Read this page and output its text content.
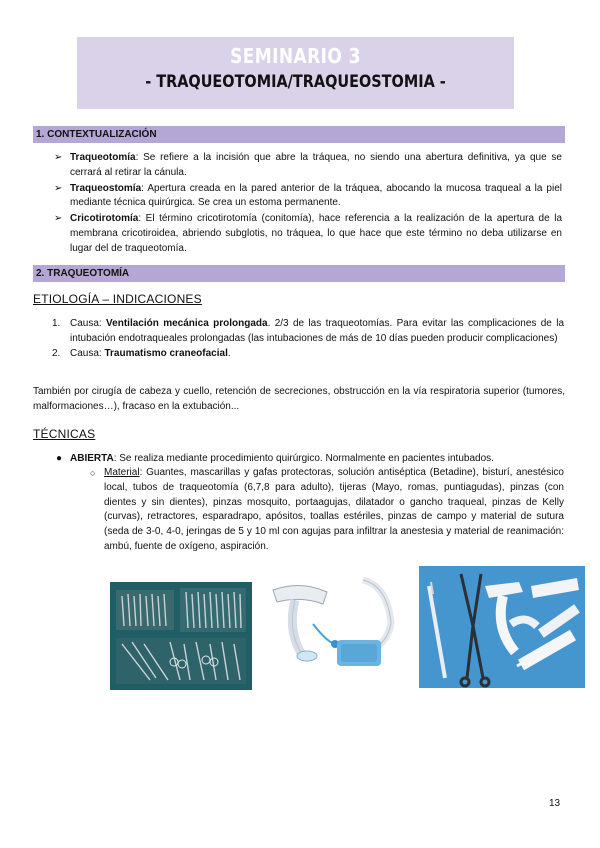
SEMINARIO 3
- TRAQUEOTOMIA/TRAQUEOSTOMIA -
1. CONTEXTUALIZACIÓN
➢ Traqueotomía: Se refiere a la incisión que abre la tráquea, no siendo una abertura definitiva, ya que se cerrará al retirar la cánula.
➢ Traqueostomía: Apertura creada en la pared anterior de la tráquea, abocando la mucosa traqueal a la piel mediante técnica quirúrgica. Se crea un estoma permanente.
➢ Cricotirotomía: El término cricotirotomía (conitomía), hace referencia a la realización de la apertura de la membrana cricotiroidea, abriendo subglotis, no tráquea, lo que hace que este término no deba utilizarse en lugar del de traqueotomía.
2. TRAQUEOTOMÍA
ETIOLOGÍA – INDICACIONES
1. Causa: Ventilación mecánica prolongada. 2/3 de las traqueotomías. Para evitar las complicaciones de la intubación endotraqueales prolongadas (las intubaciones de más de 10 días pueden producir complicaciones)
2. Causa: Traumatismo craneofacial.
También por cirugía de cabeza y cuello, retención de secreciones, obstrucción en la vía respiratoria superior (tumores, malformaciones…), fracaso en la extubación...
TÉCNICAS
● ABIERTA: Se realiza mediante procedimiento quirúrgico. Normalmente en pacientes intubados.
○ Material: Guantes, mascarillas y gafas protectoras, solución antiséptica (Betadine), bisturí, anestésico local, tubos de traqueotomía (6,7,8 para adulto), tijeras (Mayo, romas, puntiagudas), pinzas (con dientes y sin dientes), pinzas mosquito, portaagujas, dilatador o gancho traqueal, pinzas de Kelly (curvas), retractores, esparadrapo, apósitos, toallas estériles, pinzas de campo y material de sutura (seda de 3-0, 4-0, jeringas de 5 y 10 ml con agujas para infiltrar la anestesia y material de reanimación: ambú, fuente de oxígeno, aspiración.
13
